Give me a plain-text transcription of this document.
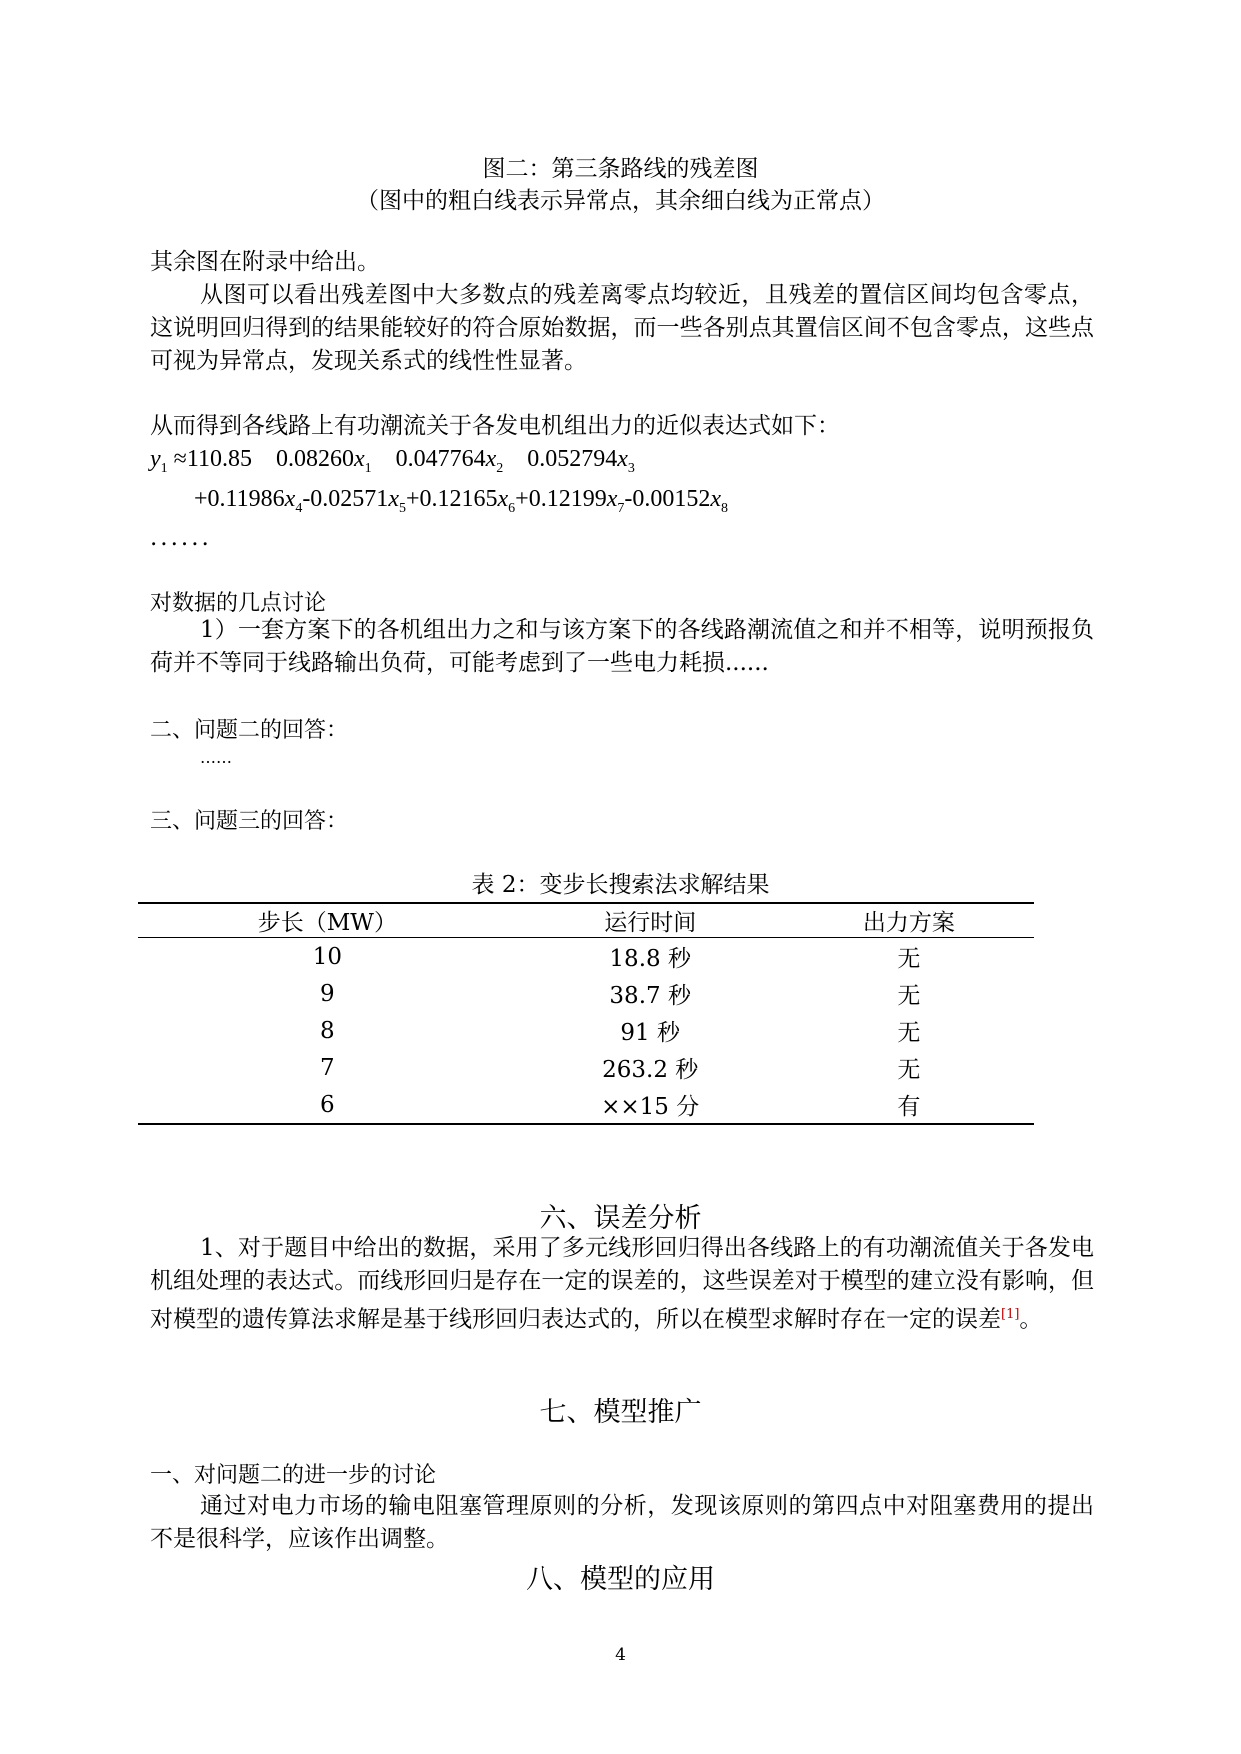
图二：第三条路线的残差图
（图中的粗白线表示异常点，其余细白线为正常点）
其余图在附录中给出。
从图可以看出残差图中大多数点的残差离零点均较近，且残差的置信区间均包含零点，这说明回归得到的结果能较好的符合原始数据，而一些各别点其置信区间不包含零点，这些点可视为异常点，发现关系式的线性性显著。
从而得到各线路上有功潮流关于各发电机组出力的近似表达式如下：
$y_1 \approx 110.85$ $0.08260x_1$ $0.047764x_2$ $0.052794x_3$
$+0.11986x_4-0.02571x_5+0.12165x_6+0.12199x_7-0.00152x_8$
......
对数据的几点讨论
1）一套方案下的各机组出力之和与该方案下的各线路潮流值之和并不相等，说明预报负荷并不等同于线路输出负荷，可能考虑到了一些电力耗损......
二、问题二的回答：
……
三、问题三的回答：
表 2：变步长搜索法求解结果
步长（MW）	运行时间	出力方案
10	18.8 秒	无
9	38.7 秒	无
8	91 秒	无
7	263.2 秒	无
6	××15 分	有
六、误差分析
1、对于题目中给出的数据，采用了多元线形回归得出各线路上的有功潮流值关于各发电机组处理的表达式。而线形回归是存在一定的误差的，这些误差对于模型的建立没有影响，但对模型的遗传算法求解是基于线形回归表达式的，所以在模型求解时存在一定的误差[1]。
七、模型推广
一、对问题二的进一步的讨论
通过对电力市场的输电阻塞管理原则的分析，发现该原则的第四点中对阻塞费用的提出不是很科学，应该作出调整。
八、模型的应用
4
